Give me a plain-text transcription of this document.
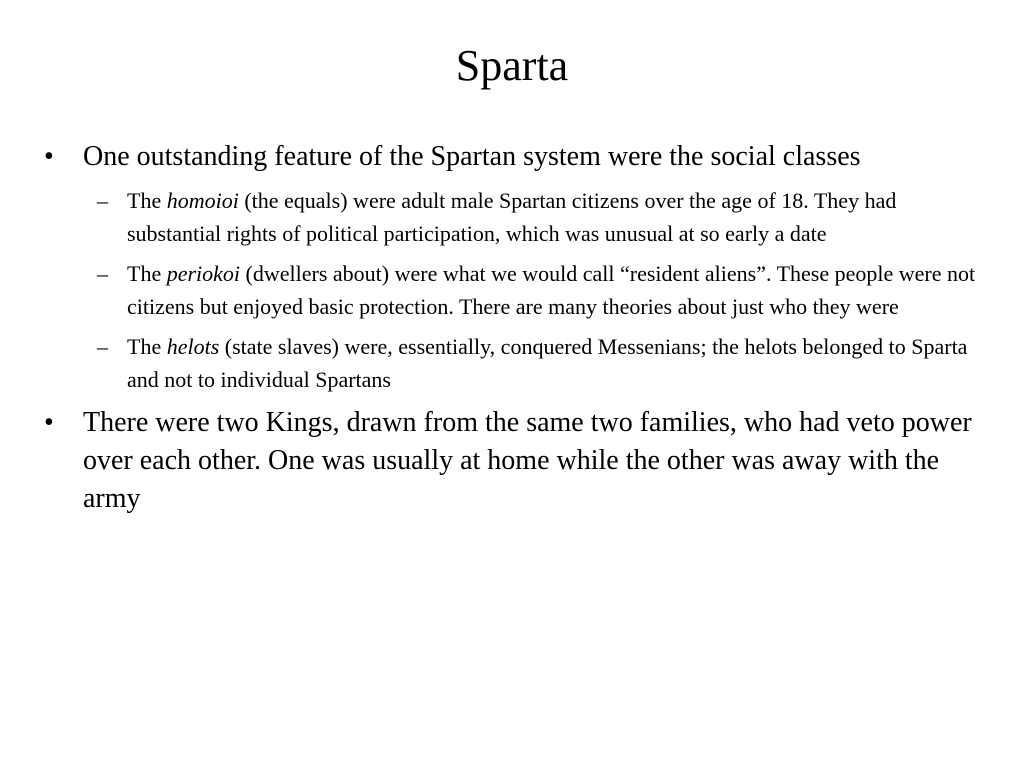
Sparta
•	One outstanding feature of the Spartan system were the social classes
– The homoioi (the equals) were adult male Spartan citizens over the age of 18. They had substantial rights of political participation, which was unusual at so early a date
– The periokoi (dwellers about) were what we would call “resident aliens”. These people were not citizens but enjoyed basic protection. There are many theories about just who they were
– The helots (state slaves) were, essentially, conquered Messenians; the helots belonged to Sparta and not to individual Spartans
•	There were two Kings, drawn from the same two families, who had veto power over each other. One was usually at home while the other was away with the army
